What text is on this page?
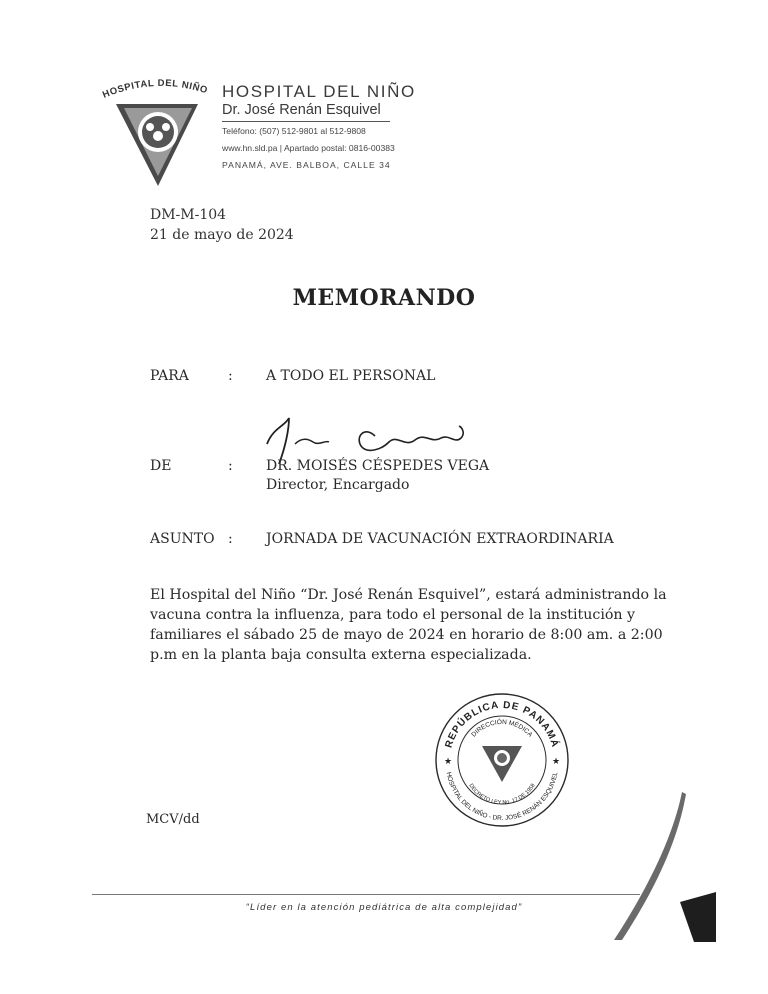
HOSPITAL DEL NIÑO HOSPITAL DEL NIÑO
Dr. José Renán Esquivel
Teléfono: (507) 512-9801 al 512-9808
www.hn.sld.pa | Apartado postal: 0816-00383
PANAMÁ, AVE. BALBOA, CALLE 34
DM-M-104
21 de mayo de 2024
MEMORANDO
PARA	: A TODO EL PERSONAL
DE	: DR. MOISÉS CÉSPEDES VEGA
Director, Encargado
ASUNTO : JORNADA DE VACUNACIÓN EXTRAORDINARIA
El Hospital del Niño “Dr. José Renán Esquivel”, estará administrando la
vacuna contra la influenza, para todo el personal de la institución y
familiares el sábado 25 de mayo de 2024 en horario de 8:00 am. a 2:00
p.m en la planta baja consulta externa especializada.
REPÚBLICA DE PANAMÁ
DIRECCIÓN MÉDICA
HOSPITAL DEL NIÑO - DR. JOSÉ RENÁN ESQUIVEL
DECRETO LEY No. 17 DE 1958
★	★
MCV/dd
“Líder en la atención pediátrica de alta complejidad”
